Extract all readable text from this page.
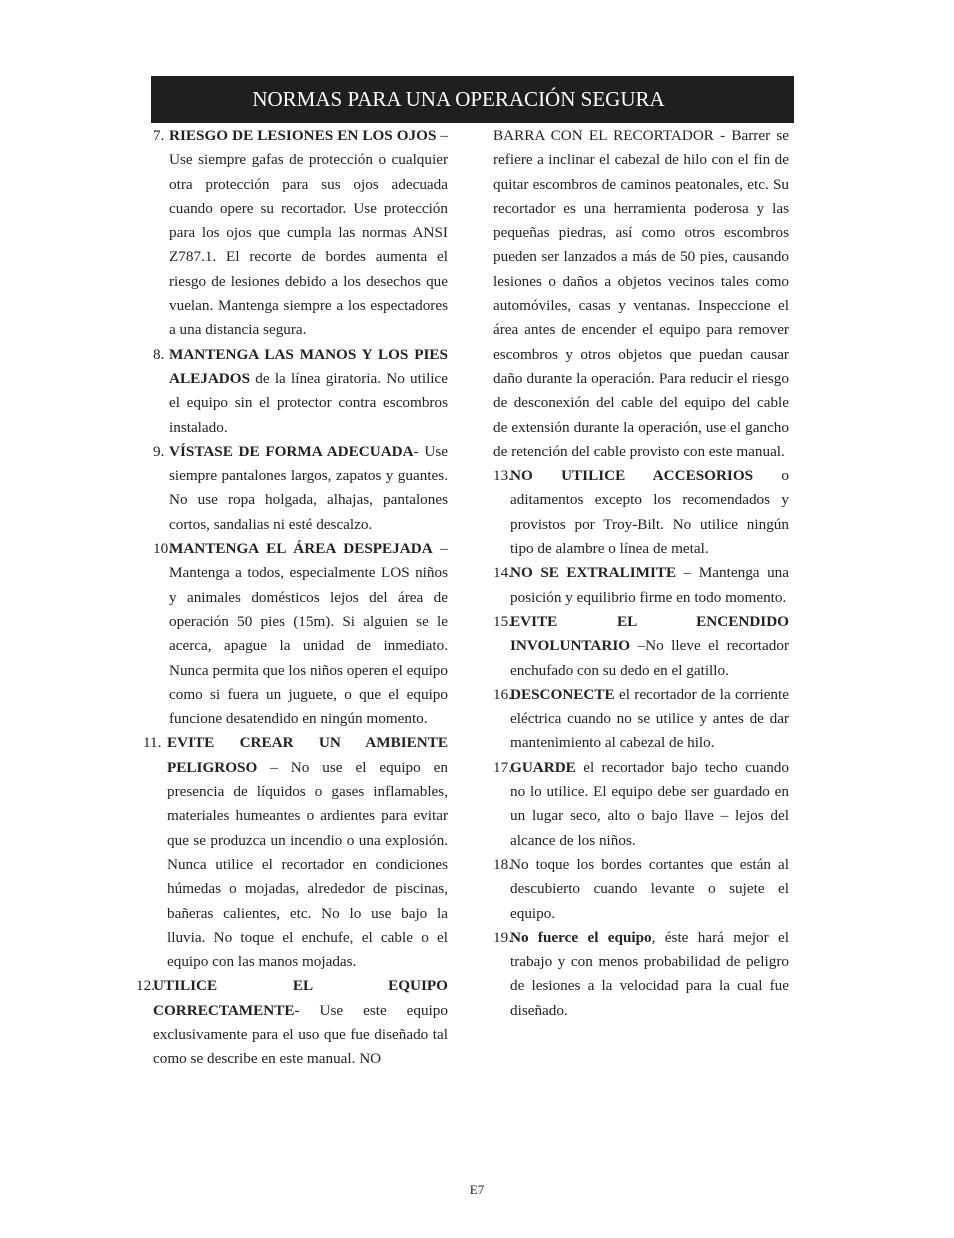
NORMAS PARA UNA OPERACIÓN SEGURA
7. RIESGO DE LESIONES EN LOS OJOS – Use siempre gafas de protección o cualquier otra protección para sus ojos adecuada cuando opere su recortador. Use protección para los ojos que cumpla las normas ANSI Z787.1. El recorte de bordes aumenta el riesgo de lesiones debido a los desechos que vuelan. Mantenga siempre a los espectadores a una distancia segura.
8. MANTENGA LAS MANOS Y LOS PIES ALEJADOS de la línea giratoria. No utilice el equipo sin el protector contra escombros instalado.
9. VÍSTASE DE FORMA ADECUADA- Use siempre pantalones largos, zapatos y guantes. No use ropa holgada, alhajas, pantalones cortos, sandalias ni esté descalzo.
10.
MANTENGA EL ÁREA DESPEJADA – Mantenga a todos, especialmente LOS niños y animales domésticos lejos del área de operación 50 pies (15m). Si alguien se le acerca, apague la unidad de inmediato. Nunca permita que los niños operen el equipo como si fuera un juguete, o que el equipo funcione desatendido en ningún momento.
11. EVITE CREAR UN AMBIENTE PELIGROSO – No use el equipo en presencia de líquidos o gases inflamables, materiales humeantes o ardientes para evitar que se produzca un incendio o una explosión. Nunca utilice el recortador en condiciones húmedas o mojadas, alrededor de piscinas, bañeras calientes, etc. No lo use bajo la lluvia. No toque el enchufe, el cable o el equipo con las manos mojadas.
12.
UTILICE EL EQUIPO CORRECTAMENTE- Use este equipo exclusivamente para el uso que fue diseñado tal como se describe en este manual. NO
BARRA CON EL RECORTADOR - Barrer se refiere a inclinar el cabezal de hilo con el fin de quitar escombros de caminos peatonales, etc. Su recortador es una herramienta poderosa y las pequeñas piedras, así como otros escombros pueden ser lanzados a más de 50 pies, causando lesiones o daños a objetos vecinos tales como automóviles, casas y ventanas. Inspeccione el área antes de encender el equipo para remover escombros y otros objetos que puedan causar daño durante la operación. Para reducir el riesgo de desconexión del cable del equipo del cable de extensión durante la operación, use el gancho de retención del cable provisto con este manual.
13.
NO UTILICE ACCESORIOS o aditamentos excepto los recomendados y provistos por Troy-Bilt. No utilice ningún tipo de alambre o línea de metal.
14.
NO SE EXTRALIMITE – Mantenga una posición y equilibrio firme en todo momento.
15.
EVITE EL ENCENDIDO INVOLUNTARIO –No lleve el recortador enchufado con su dedo en el gatillo.
16.
DESCONECTE el recortador de la corriente eléctrica cuando no se utilice y antes de dar mantenimiento al cabezal de hilo.
17.
GUARDE el recortador bajo techo cuando no lo utilice. El equipo debe ser guardado en un lugar seco, alto o bajo llave – lejos del alcance de los niños.
18.
No toque los bordes cortantes que están al descubierto cuando levante o sujete el equipo.
19.
No fuerce el equipo, éste hará mejor el trabajo y con menos probabilidad de peligro de lesiones a la velocidad para la cual fue diseñado.
E7
